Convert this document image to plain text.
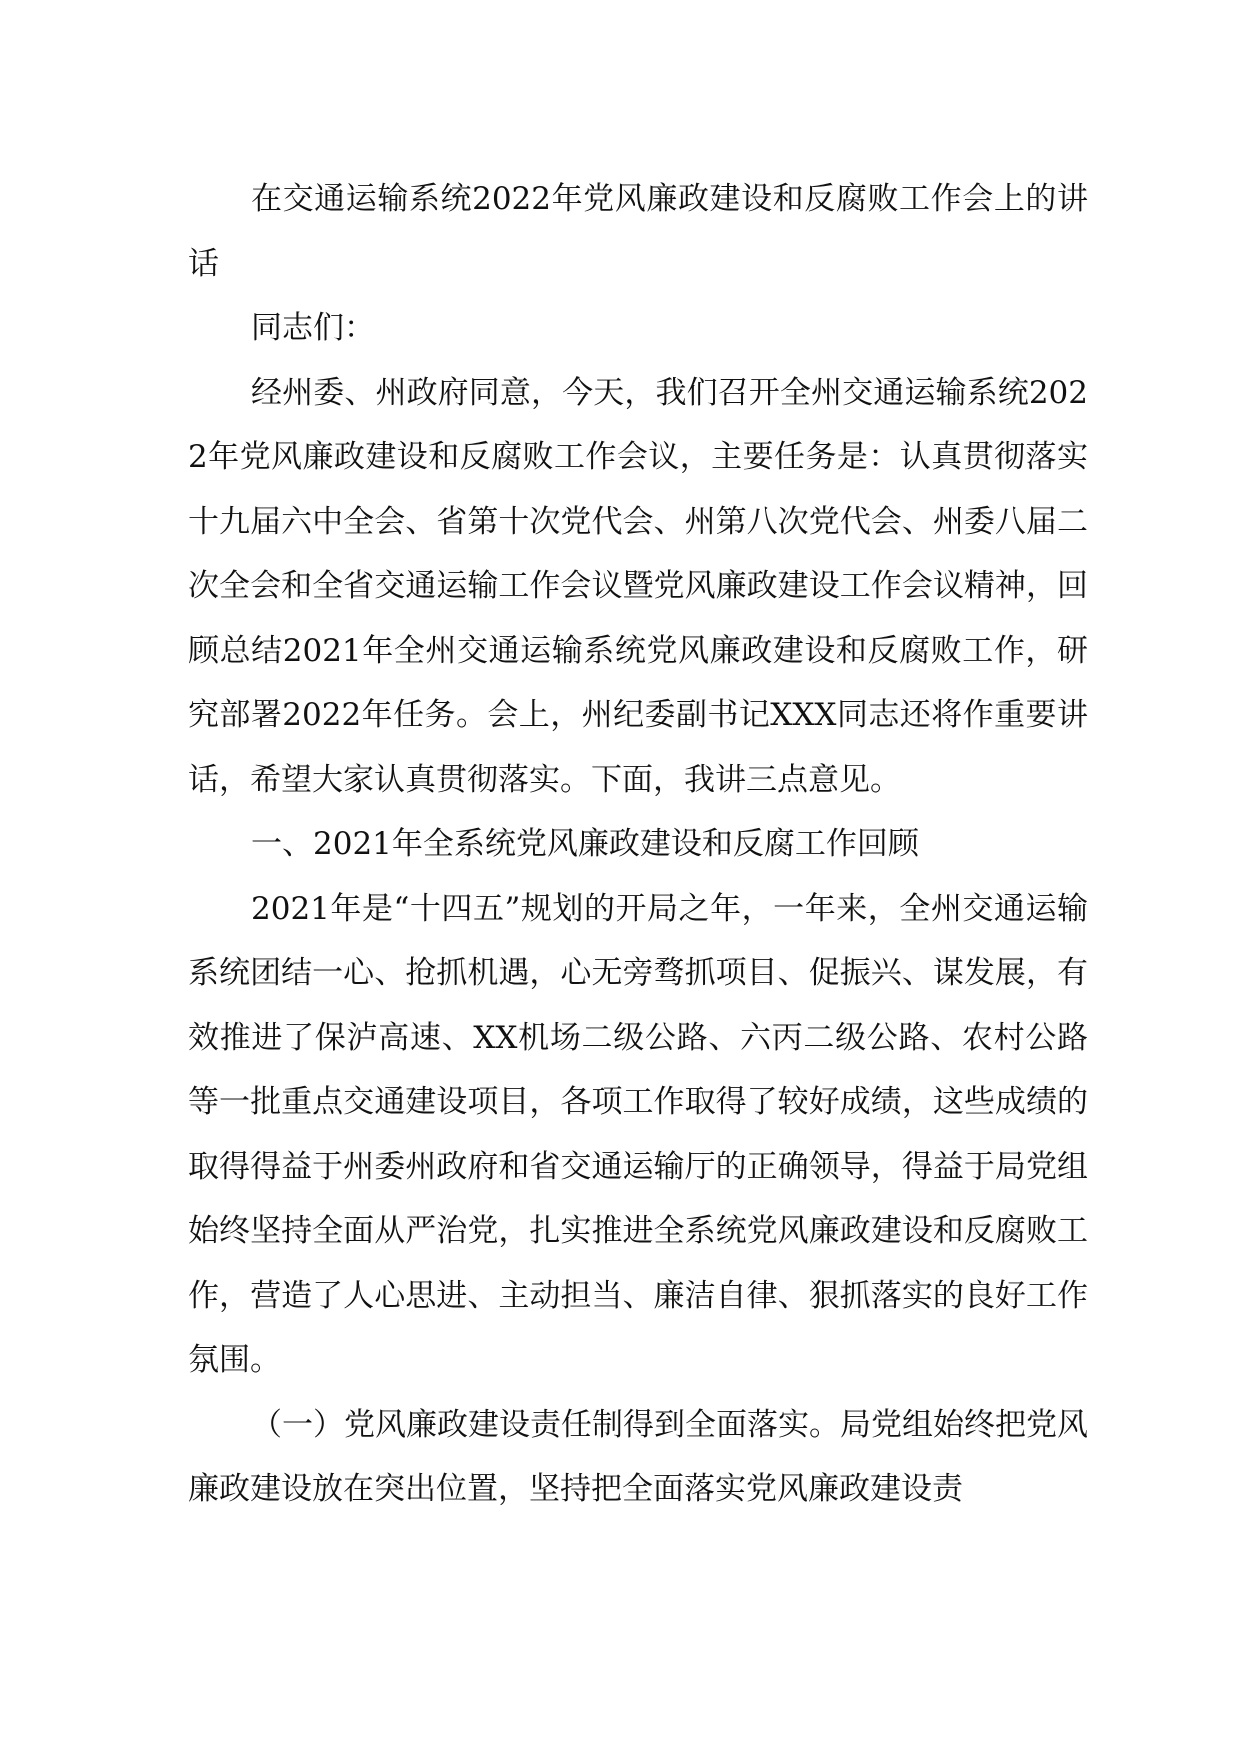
在交通运输系统2022年党风廉政建设和反腐败工作会上的讲话

同志们：

经州委、州政府同意，今天，我们召开全州交通运输系统2022年党风廉政建设和反腐败工作会议，主要任务是：认真贯彻落实十九届六中全会、省第十次党代会、州第八次党代会、州委八届二次全会和全省交通运输工作会议暨党风廉政建设工作会议精神，回顾总结2021年全州交通运输系统党风廉政建设和反腐败工作，研究部署2022年任务。会上，州纪委副书记XXX同志还将作重要讲话，希望大家认真贯彻落实。下面，我讲三点意见。

一、2021年全系统党风廉政建设和反腐工作回顾

2021年是“十四五”规划的开局之年，一年来，全州交通运输系统团结一心、抢抓机遇，心无旁骛抓项目、促振兴、谋发展，有效推进了保泸高速、XX机场二级公路、六丙二级公路、农村公路等一批重点交通建设项目，各项工作取得了较好成绩，这些成绩的取得得益于州委州政府和省交通运输厅的正确领导，得益于局党组始终坚持全面从严治党，扎实推进全系统党风廉政建设和反腐败工作，营造了人心思进、主动担当、廉洁自律、狠抓落实的良好工作氛围。

（一）党风廉政建设责任制得到全面落实。局党组始终把党风廉政建设放在突出位置，坚持把全面落实党风廉政建设责
